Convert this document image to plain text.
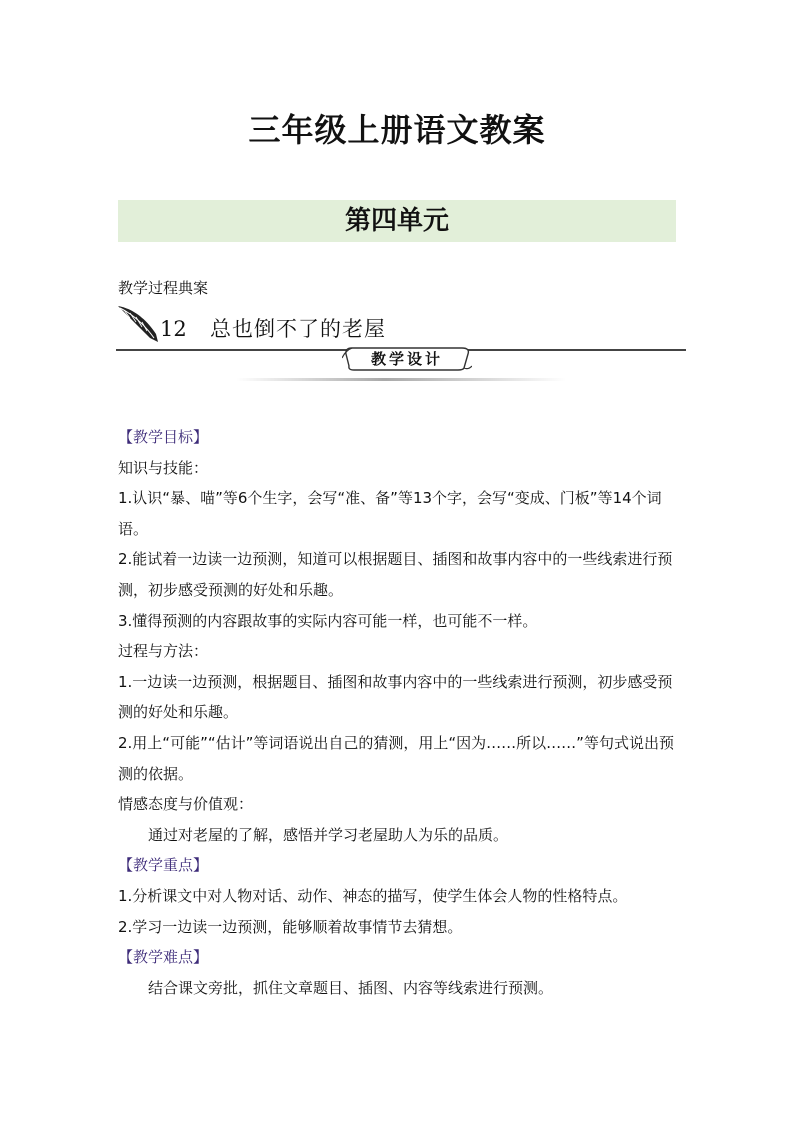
三年级上册语文教案
第四单元
教学过程典案
12 总也倒不了的老屋
教学设计

【教学目标】

知识与技能：

1.认识“暴、喵”等6个生字，会写“准、备”等13个字，会写“变成、门板”等14个词语。

2.能试着一边读一边预测，知道可以根据题目、插图和故事内容中的一些线索进行预测，初步感受预测的好处和乐趣。

3.懂得预测的内容跟故事的实际内容可能一样，也可能不一样。

过程与方法：

1.一边读一边预测，根据题目、插图和故事内容中的一些线索进行预测，初步感受预测的好处和乐趣。

2.用上“可能”“估计”等词语说出自己的猜测，用上“因为……所以……”等句式说出预测的依据。

情感态度与价值观：

通过对老屋的了解，感悟并学习老屋助人为乐的品质。

【教学重点】

1.分析课文中对人物对话、动作、神态的描写，使学生体会人物的性格特点。

2.学习一边读一边预测，能够顺着故事情节去猜想。

【教学难点】

结合课文旁批，抓住文章题目、插图、内容等线索进行预测。
